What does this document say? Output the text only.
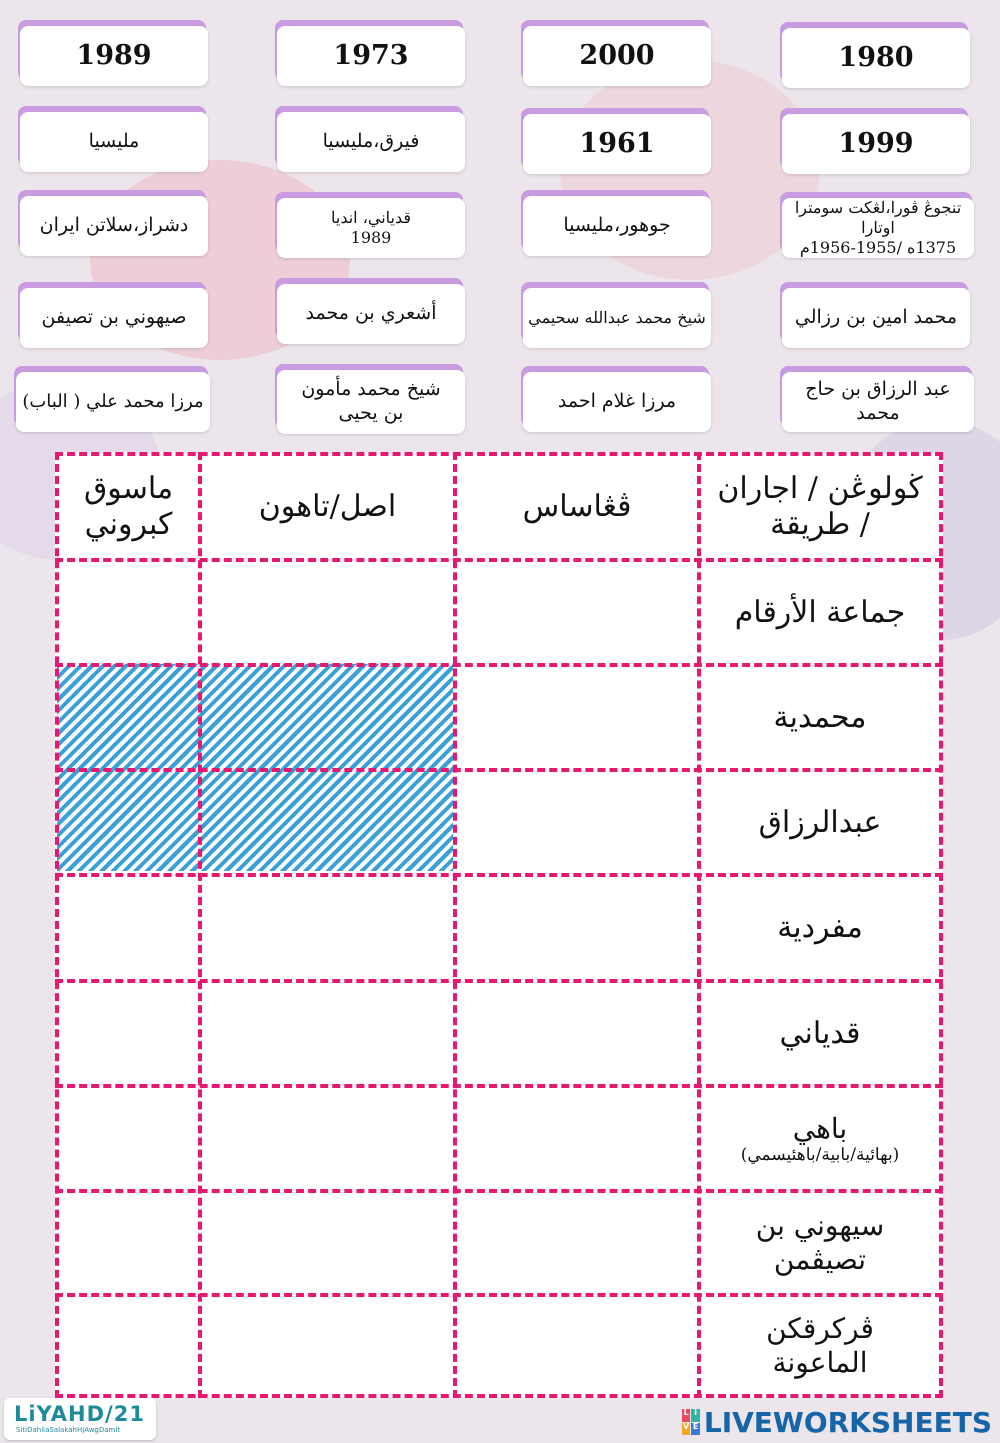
1980
2000
1973
1989
1999
1961
فيرق،مليسيا
مليسيا
تنجوڠ ڤورا،لڠكت سومترا اوتارا
1375ه /1955-1956م
جوهور،مليسيا
قدياني، انديا
1989
دشراز،سلاتن ايران
محمد امين بن رزالي
شيخ محمد عبدالله سحيمي
أشعري بن محمد
صيهوني بن تصيفن
عبد الرزاق بن حاج محمد
مرزا غلام احمد
شيخ محمد مأمون
بن يحيى
مرزا محمد علي ( الباب)
ڬولوڠن / اجاران
/ طريقة
ڤڠاساس
اصل/تاهون
ماسوق
كبروني
جماعة الأرقام
محمدية
عبدالرزاق
مفردية
قدياني
باهي
(بهائية/بابية/باهئيسمي)
سيهوني بن
تصيڤمن
ڤرکرقکن
الماعونة
LiYAHD/21
SitiDahliaSalakahHjAwgDamit
L I
V E LIVEWORKSHEETS
